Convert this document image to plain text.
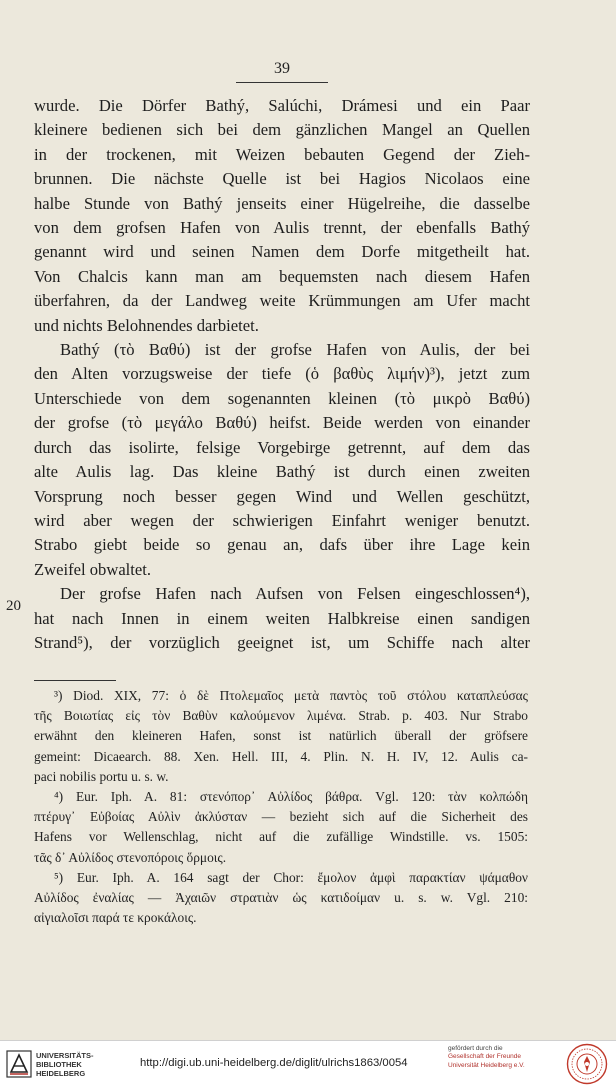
39
wurde. Die Dörfer Bathý, Salúchi, Drámesi und ein Paar
kleinere bedienen sich bei dem gänzlichen Mangel an Quellen
in der trockenen, mit Weizen bebauten Gegend der Zieh-
brunnen. Die nächste Quelle ist bei Hagios Nicolaos eine
halbe Stunde von Bathý jenseits einer Hügelreihe, die dasselbe
von dem grofsen Hafen von Aulis trennt, der ebenfalls Bathý
genannt wird und seinen Namen dem Dorfe mitgetheilt hat.
Von Chalcis kann man am bequemsten nach diesem Hafen
überfahren, da der Landweg weite Krümmungen am Ufer macht
und nichts Belohnendes darbietet.
Bathý (τὸ Βαθύ) ist der grofse Hafen von Aulis, der bei
den Alten vorzugsweise der tiefe (ὁ βαθὺς λιμήν)³), jetzt zum
Unterschiede von dem sogenannten kleinen (τὸ μικρὸ Βαθύ)
der grofse (τὸ μεγάλο Βαθύ) heifst. Beide werden von einander
durch das isolirte, felsige Vorgebirge getrennt, auf dem das
alte Aulis lag. Das kleine Bathý ist durch einen zweiten
Vorsprung noch besser gegen Wind und Wellen geschützt,
wird aber wegen der schwierigen Einfahrt weniger benutzt.
Strabo giebt beide so genau an, dafs über ihre Lage kein
Zweifel obwaltet.
Der grofse Hafen nach Aufsen von Felsen eingeschlossen⁴),
hat nach Innen in einem weiten Halbkreise einen sandigen
Strand⁵), der vorzüglich geeignet ist, um Schiffe nach alter
20
³) Diod. XIX, 77: ὁ δὲ Πτολεμαῖος μετὰ παντὸς τοῦ στόλου καταπλεύσας
τῆς Βοιωτίας εἰς τὸν Βαθὺν καλούμενον λιμένα. Strab. p. 403. Nur Strabo
erwähnt den kleineren Hafen, sonst ist natürlich überall der gröfsere
gemeint: Dicaearch. 88. Xen. Hell. III, 4. Plin. N. H. IV, 12. Aulis ca-
paci nobilis portu u. s. w.
⁴) Eur. Iph. A. 81: στενόπορ᾽ Αὐλίδος βάθρα. Vgl. 120: τὰν κολπώδη
πτέρυγ᾽ Εὐβοίας Αὐλὶν ἀκλύσταν — bezieht sich auf die Sicherheit des
Hafens vor Wellenschlag, nicht auf die zufällige Windstille. vs. 1505:
τᾶς δ᾽ Αὐλίδος στενοπόροις ὅρμοις.
⁵) Eur. Iph. A. 164 sagt der Chor: ἔμολον ἀμφὶ παρακτίαν ψάμαθον
Αὐλίδος ἐναλίας — Ἀχαιῶν στρατιὰν ὡς κατιδοίμαν u. s. w. Vgl. 210:
αἰγιαλοῖσι παρά τε κροκάλοις.
UNIVERSITÄTS-
BIBLIOTHEK
HEIDELBERG
http://digi.ub.uni-heidelberg.de/diglit/ulrichs1863/0054
gefördert durch die
Gesellschaft der Freunde
Universität Heidelberg e.V.
